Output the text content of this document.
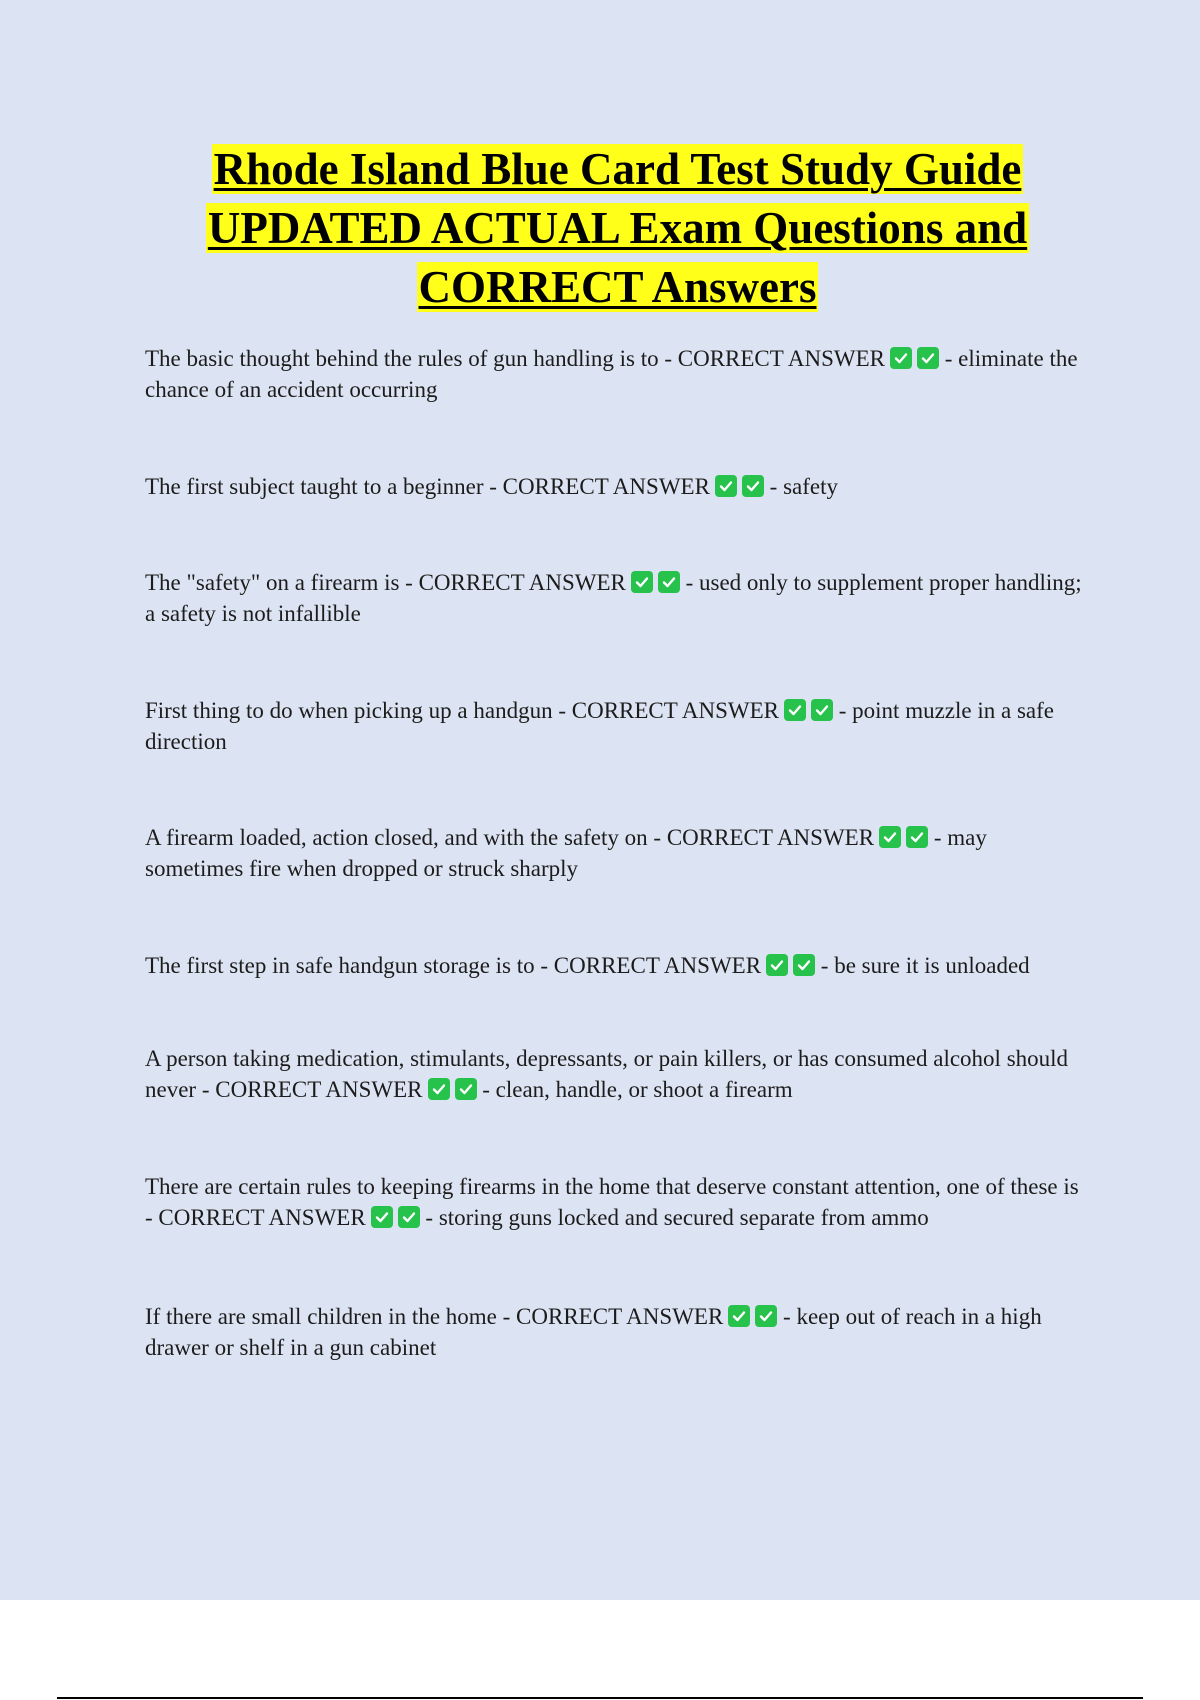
Rhode Island Blue Card Test Study Guide
UPDATED ACTUAL Exam Questions and
CORRECT Answers
The basic thought behind the rules of gun handling is to - CORRECT ANSWER	- eliminate the chance of an accident occurring
The first subject taught to a beginner - CORRECT ANSWER	- safety
The "safety" on a firearm is - CORRECT ANSWER	- used only to supplement proper handling; a safety is not infallible
First thing to do when picking up a handgun - CORRECT ANSWER	- point muzzle in a safe direction
A firearm loaded, action closed, and with the safety on - CORRECT ANSWER	- may sometimes fire when dropped or struck sharply
The first step in safe handgun storage is to - CORRECT ANSWER	- be sure it is unloaded
A person taking medication, stimulants, depressants, or pain killers, or has consumed alcohol should never - CORRECT ANSWER	- clean, handle, or shoot a firearm
There are certain rules to keeping firearms in the home that deserve constant attention, one of these is - CORRECT ANSWER	- storing guns locked and secured separate from ammo
If there are small children in the home - CORRECT ANSWER	- keep out of reach in a high drawer or shelf in a gun cabinet
